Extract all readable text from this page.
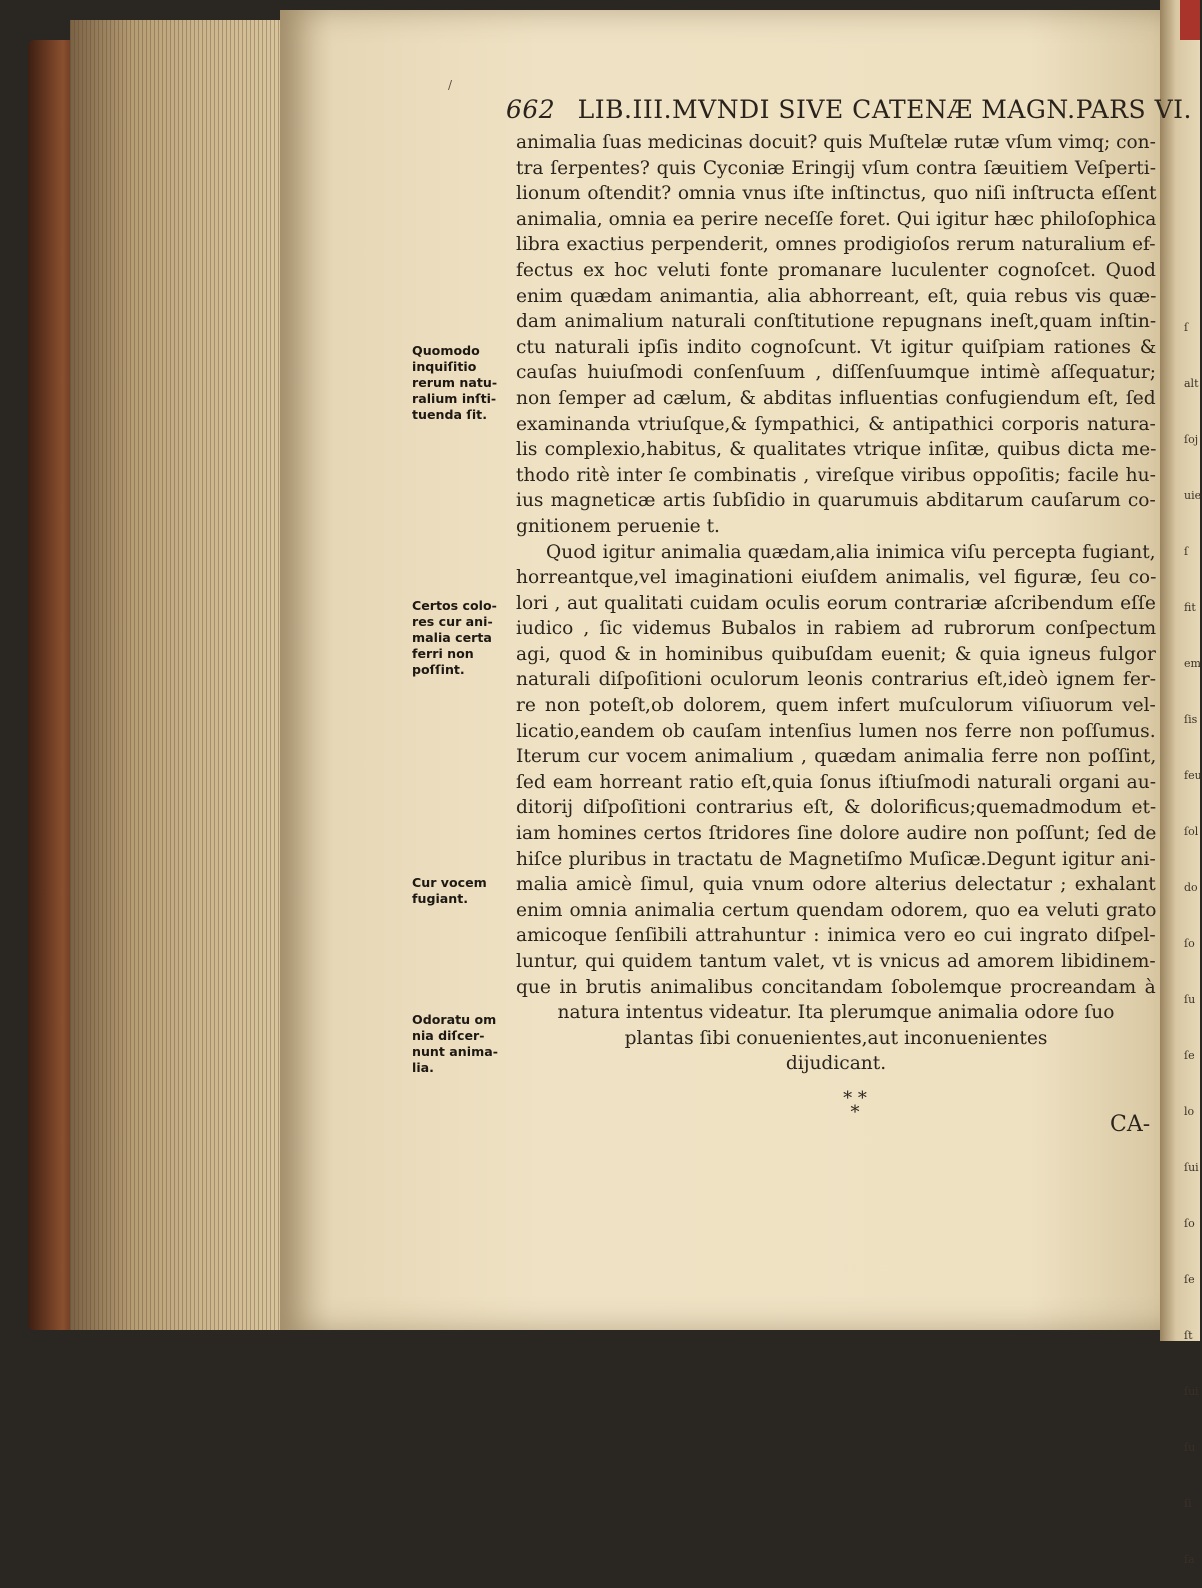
ſ
alt
ſoj
uie
ſ
fit
em
ſis
feu
ſol
do
ſo
ſu
ſe
lo
ſui
ſo
ſe
ſt
ſui
ſu
ſi
ſa
/
662 LIB.III.MVNDI SIVE CATENÆ MAGN.PARS VI.
animalia ſuas medicinas docuit? quis Muſtelæ rutæ vſum vimq; con-
tra ſerpentes? quis Cyconiæ Eringij vſum contra ſæuitiem Veſperti-
lionum oſtendit? omnia vnus iſte inſtinctus, quo niſi inſtructa eſſent
animalia, omnia ea perire neceſſe foret. Qui igitur hæc philoſophica
libra exactius perpenderit, omnes prodigioſos rerum naturalium ef-
fectus ex hoc veluti fonte promanare luculenter cognoſcet. Quod
enim quædam animantia, alia abhorreant, eſt, quia rebus vis quæ-
dam animalium naturali conſtitutione repugnans ineſt,quam inſtin-
ctu naturali ipſis indito cognoſcunt. Vt igitur quiſpiam rationes &
cauſas huiuſmodi conſenſuum , diſſenſuumque intimè aſſequatur;
non ſemper ad cælum, & abditas influentias confugiendum eſt, ſed
examinanda vtriuſque,& ſympathici, & antipathici corporis natura-
lis complexio,habitus, & qualitates vtrique inſitæ, quibus dicta me-
thodo ritè inter ſe combinatis , vireſque viribus oppoſitis; facile hu-
ius magneticæ artis ſubſidio in quarumuis abditarum cauſarum co-
gnitionem peruenie t.
Quod igitur animalia quædam,alia inimica viſu percepta fugiant,
horreantque,vel imaginationi eiuſdem animalis, vel figuræ, ſeu co-
lori , aut qualitati cuidam oculis eorum contrariæ aſcribendum eſſe
iudico , ſic videmus Bubalos in rabiem ad rubrorum conſpectum
agi, quod & in hominibus quibuſdam euenit; & quia igneus fulgor
naturali diſpoſitioni oculorum leonis contrarius eſt,ideò ignem fer-
re non poteſt,ob dolorem, quem infert muſculorum viſiuorum vel-
licatio,eandem ob cauſam intenſius lumen nos ferre non poſſumus.
Iterum cur vocem animalium , quædam animalia ferre non poſſint,
ſed eam horreant ratio eſt,quia ſonus iſtiuſmodi naturali organi au-
ditorij diſpoſitioni contrarius eſt, & dolorificus;quemadmodum et-
iam homines certos ſtridores ſine dolore audire non poſſunt; ſed de
hiſce pluribus in tractatu de Magnetiſmo Muſicæ.Degunt igitur ani-
malia amicè ſimul, quia vnum odore alterius delectatur ; exhalant
enim omnia animalia certum quendam odorem, quo ea veluti grato
amicoque ſenſibili attrahuntur : inimica vero eo cui ingrato diſpel-
luntur, qui quidem tantum valet, vt is vnicus ad amorem libidinem-
que in brutis animalibus concitandam ſobolemque procreandam à
natura intentus videatur. Ita plerumque animalia odore ſuo
plantas ſibi conuenientes,aut inconuenientes
dijudicant.
Quomodo
inquiſitio
rerum natu-
ralium inſti-
tuenda ſit.
Certos colo-
res cur ani-
malia certa
ferri non
poſſint.
Cur vocem
fugiant.
Odoratu om
nia diſcer-
nunt anima-
lia.
* *
*	CA-
